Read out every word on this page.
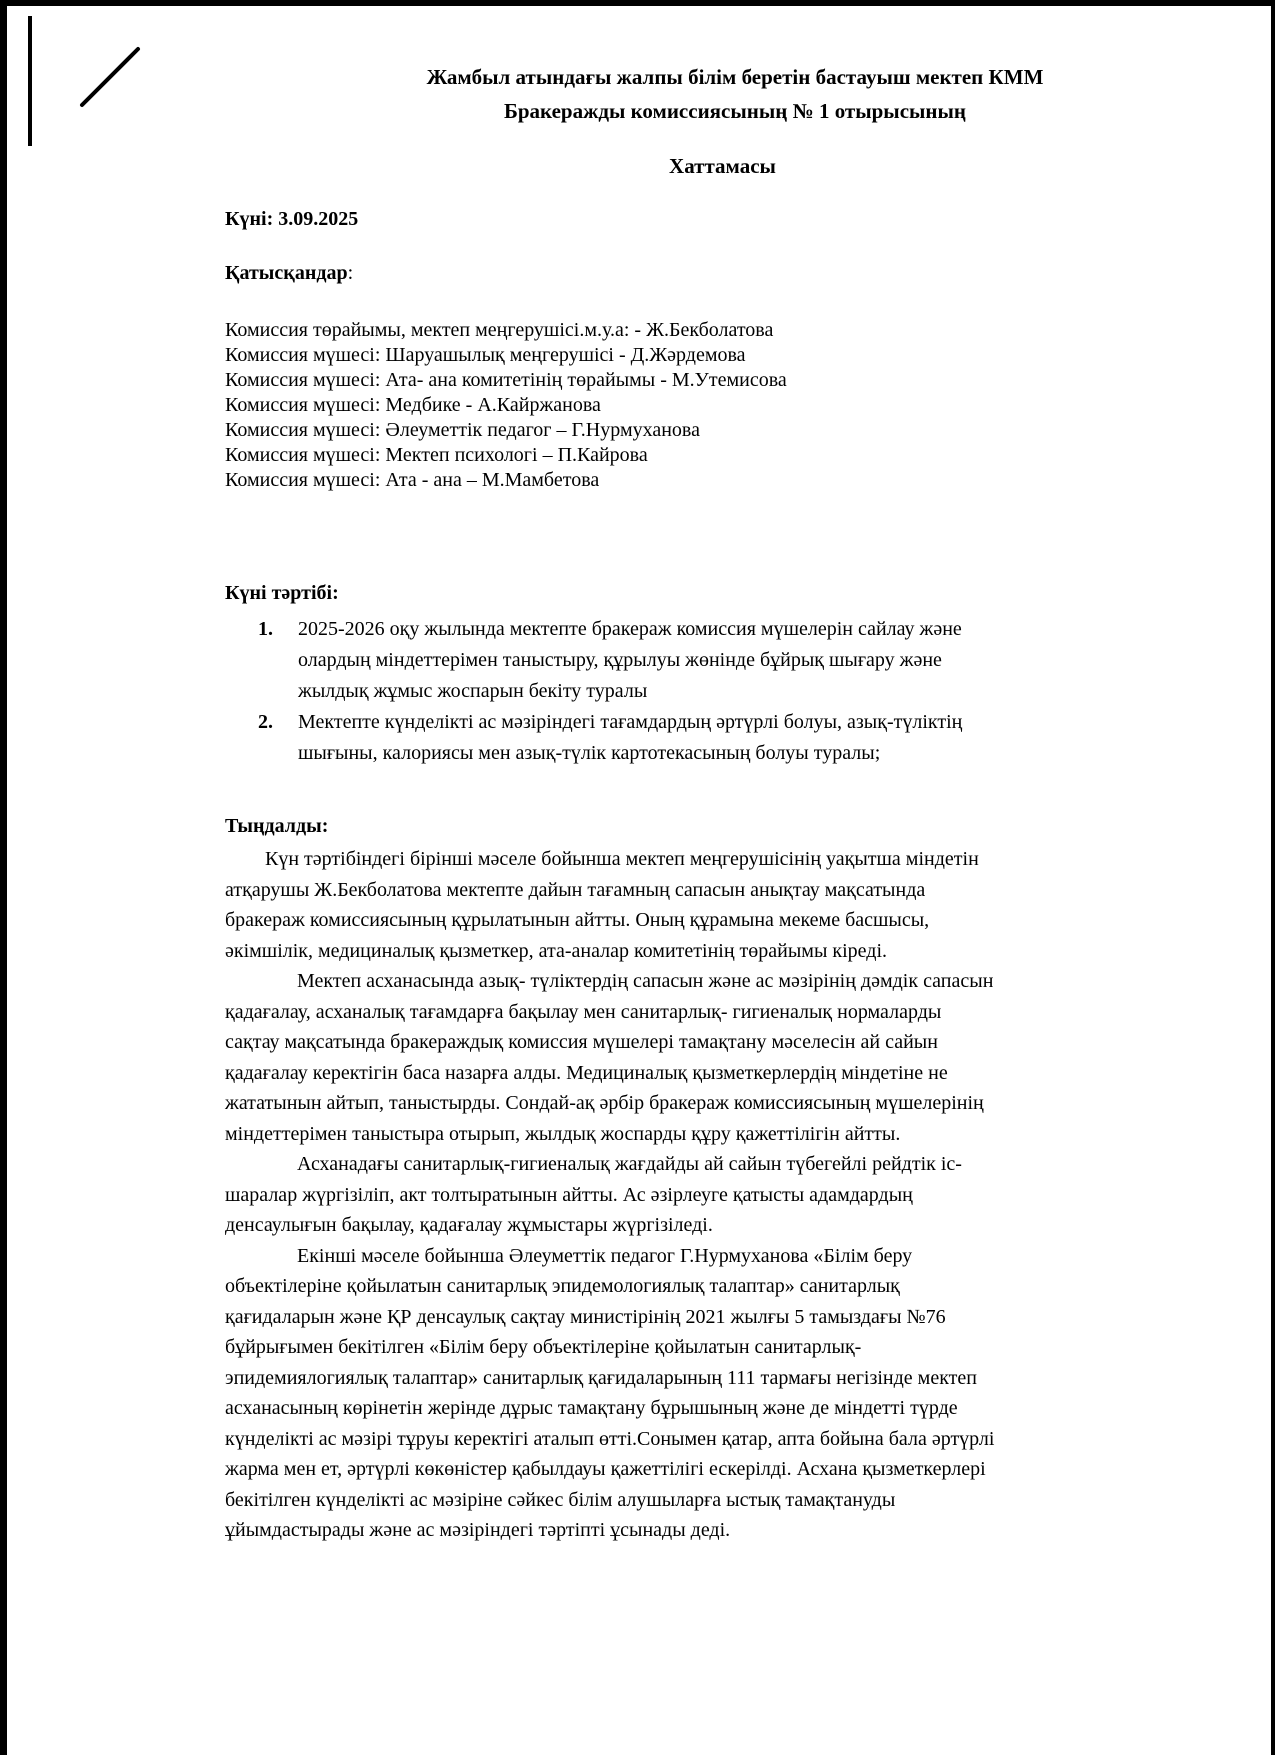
Жамбыл атындағы жалпы білім беретін бастауыш мектеп КММ
Бракеражды комиссиясының № 1 отырысының
Хаттамасы
Күні: 3.09.2025
Қатысқандар:
Комиссия төрайымы, мектеп меңгерушісі.м.у.а: - Ж.Бекболатова
Комиссия мүшесі: Шаруашылық меңгерушісі - Д.Жәрдемова
Комиссия мүшесі: Ата- ана комитетінің төрайымы - М.Утемисова
Комиссия мүшесі: Медбике - А.Кайржанова
Комиссия мүшесі: Әлеуметтік педагог – Г.Нурмуханова
Комиссия мүшесі: Мектеп психологі – П.Кайрова
Комиссия мүшесі: Ата - ана – М.Мамбетова
Күні тәртібі:
1. 2025-2026 оқу жылында мектепте бракераж комиссия мүшелерін сайлау және
олардың міндеттерімен таныстыру, құрылуы жөнінде бұйрық шығару және
жылдық жұмыс жоспарын бекіту туралы
2. Мектепте күнделікті ас мәзіріндегі тағамдардың әртүрлі болуы, азық-түліктің
шығыны, калориясы мен азық-түлік картотекасының болуы туралы;
Тыңдалды:
Күн тәртібіндегі бірінші мәселе бойынша мектеп меңгерушісінің уақытша міндетін
атқарушы Ж.Бекболатова мектепте дайын тағамның сапасын анықтау мақсатында
бракераж комиссиясының құрылатынын айтты. Оның құрамына мекеме басшысы,
әкімшілік, медициналық қызметкер, ата-аналар комитетінің төрайымы кіреді.
Мектеп асханасында азық- түліктердің сапасын және ас мәзірінің дәмдік сапасын
қадағалау, асханалық тағамдарға бақылау мен санитарлық- гигиеналық нормаларды
сақтау мақсатында бракераждық комиссия мүшелері тамақтану мәселесін ай сайын
қадағалау керектігін баса назарға алды. Медициналық қызметкерлердің міндетіне не
жататынын айтып, таныстырды. Сондай-ақ әрбір бракераж комиссиясының мүшелерінің
міндеттерімен таныстыра отырып, жылдық жоспарды құру қажеттілігін айтты.
Асханадағы санитарлық-гигиеналық жағдайды ай сайын түбегейлі рейдтік іс-
шаралар жүргізіліп, акт толтыратынын айтты. Ас әзірлеуге қатысты адамдардың
денсаулығын бақылау, қадағалау жұмыстары жүргізіледі.
Екінші мәселе бойынша Әлеуметтік педагог Г.Нурмуханова «Білім беру
объектілеріне қойылатын санитарлық эпидемологиялық талаптар» санитарлық
қағидаларын және ҚР денсаулық сақтау министірінің 2021 жылғы 5 тамыздағы №76
бұйрығымен бекітілген «Білім беру объектілеріне қойылатын санитарлық-
эпидемиялогиялық талаптар» санитарлық қағидаларының 111 тармағы негізінде мектеп
асханасының көрінетін жерінде дұрыс тамақтану бұрышының және де міндетті түрде
күнделікті ас мәзірі тұруы керектігі аталып өтті.Сонымен қатар, апта бойына бала әртүрлі
жарма мен ет, әртүрлі көкөністер қабылдауы қажеттілігі ескерілді. Асхана қызметкерлері
бекітілген күнделікті ас мәзіріне сәйкес білім алушыларға ыстық тамақтануды
ұйымдастырады және ас мәзіріндегі тәртіпті ұсынады деді.
